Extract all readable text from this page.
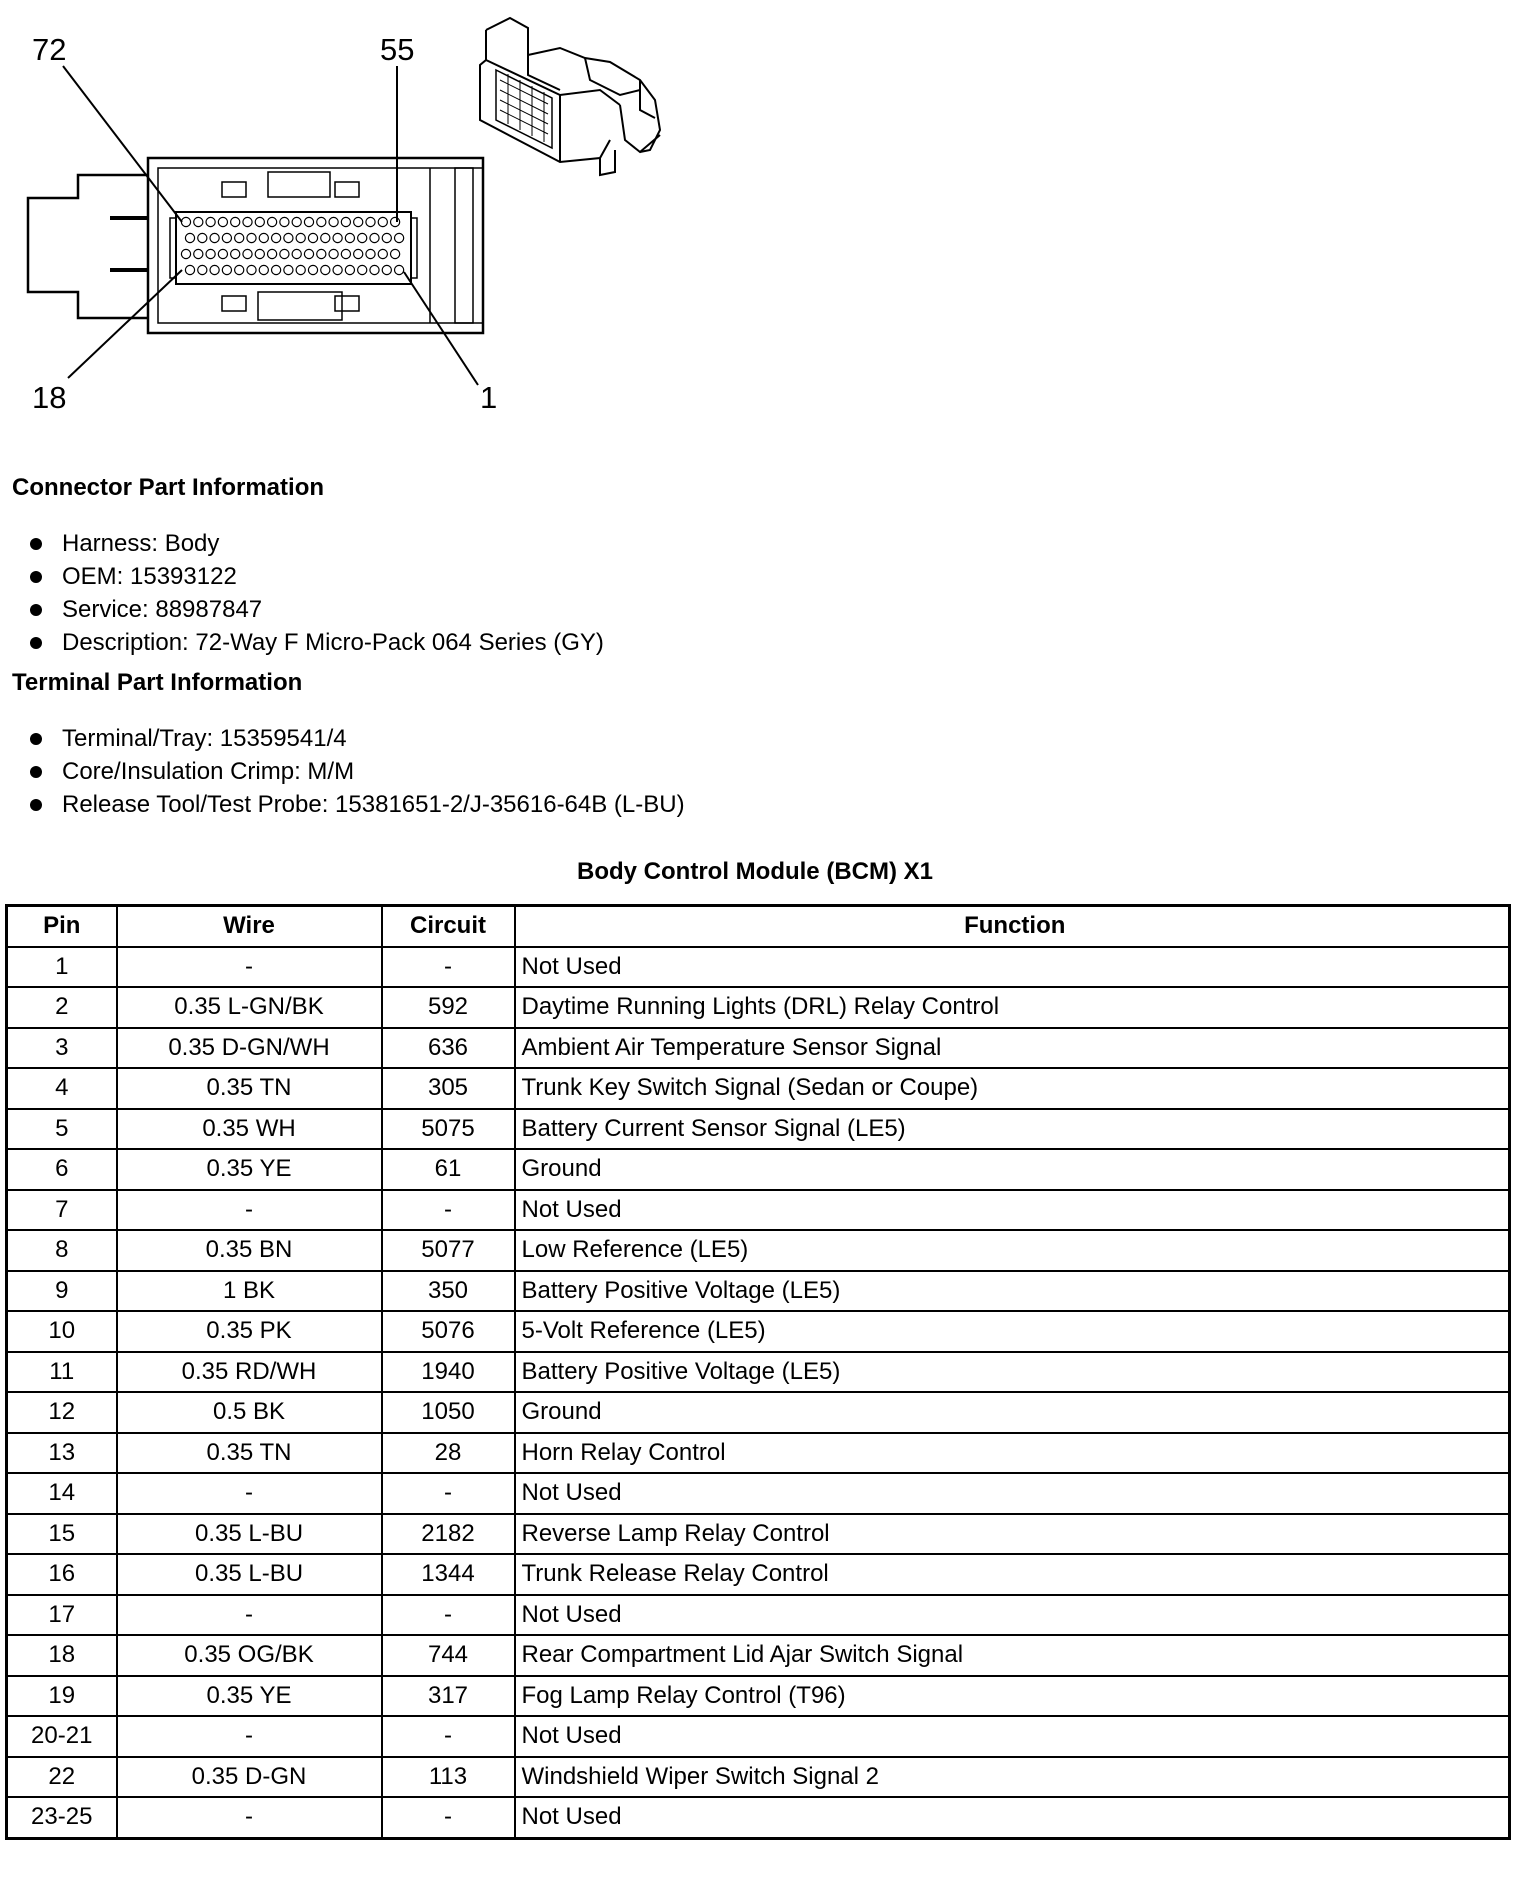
72	55
18	1
Connector Part Information
Harness: Body
OEM: 15393122
Service: 88987847
Description: 72-Way F Micro-Pack 064 Series (GY)
Terminal Part Information
Terminal/Tray: 15359541/4
Core/Insulation Crimp: M/M
Release Tool/Test Probe: 15381651-2/J-35616-64B (L-BU)
Body Control Module (BCM) X1
Pin	Wire	Circuit	Function
1	-	-	Not Used
2	0.35 L-GN/BK	592	Daytime Running Lights (DRL) Relay Control
3	0.35 D-GN/WH	636	Ambient Air Temperature Sensor Signal
4	0.35 TN	305	Trunk Key Switch Signal (Sedan or Coupe)
5	0.35 WH	5075	Battery Current Sensor Signal (LE5)
6	0.35 YE	61	Ground
7	-	-	Not Used
8	0.35 BN	5077	Low Reference (LE5)
9	1 BK	350	Battery Positive Voltage (LE5)
10	0.35 PK	5076	5-Volt Reference (LE5)
11	0.35 RD/WH	1940	Battery Positive Voltage (LE5)
12	0.5 BK	1050	Ground
13	0.35 TN	28	Horn Relay Control
14	-	-	Not Used
15	0.35 L-BU	2182	Reverse Lamp Relay Control
16	0.35 L-BU	1344	Trunk Release Relay Control
17	-	-	Not Used
18	0.35 OG/BK	744	Rear Compartment Lid Ajar Switch Signal
19	0.35 YE	317	Fog Lamp Relay Control (T96)
20-21	-	-	Not Used
22	0.35 D-GN	113	Windshield Wiper Switch Signal 2
23-25	-	-	Not Used
